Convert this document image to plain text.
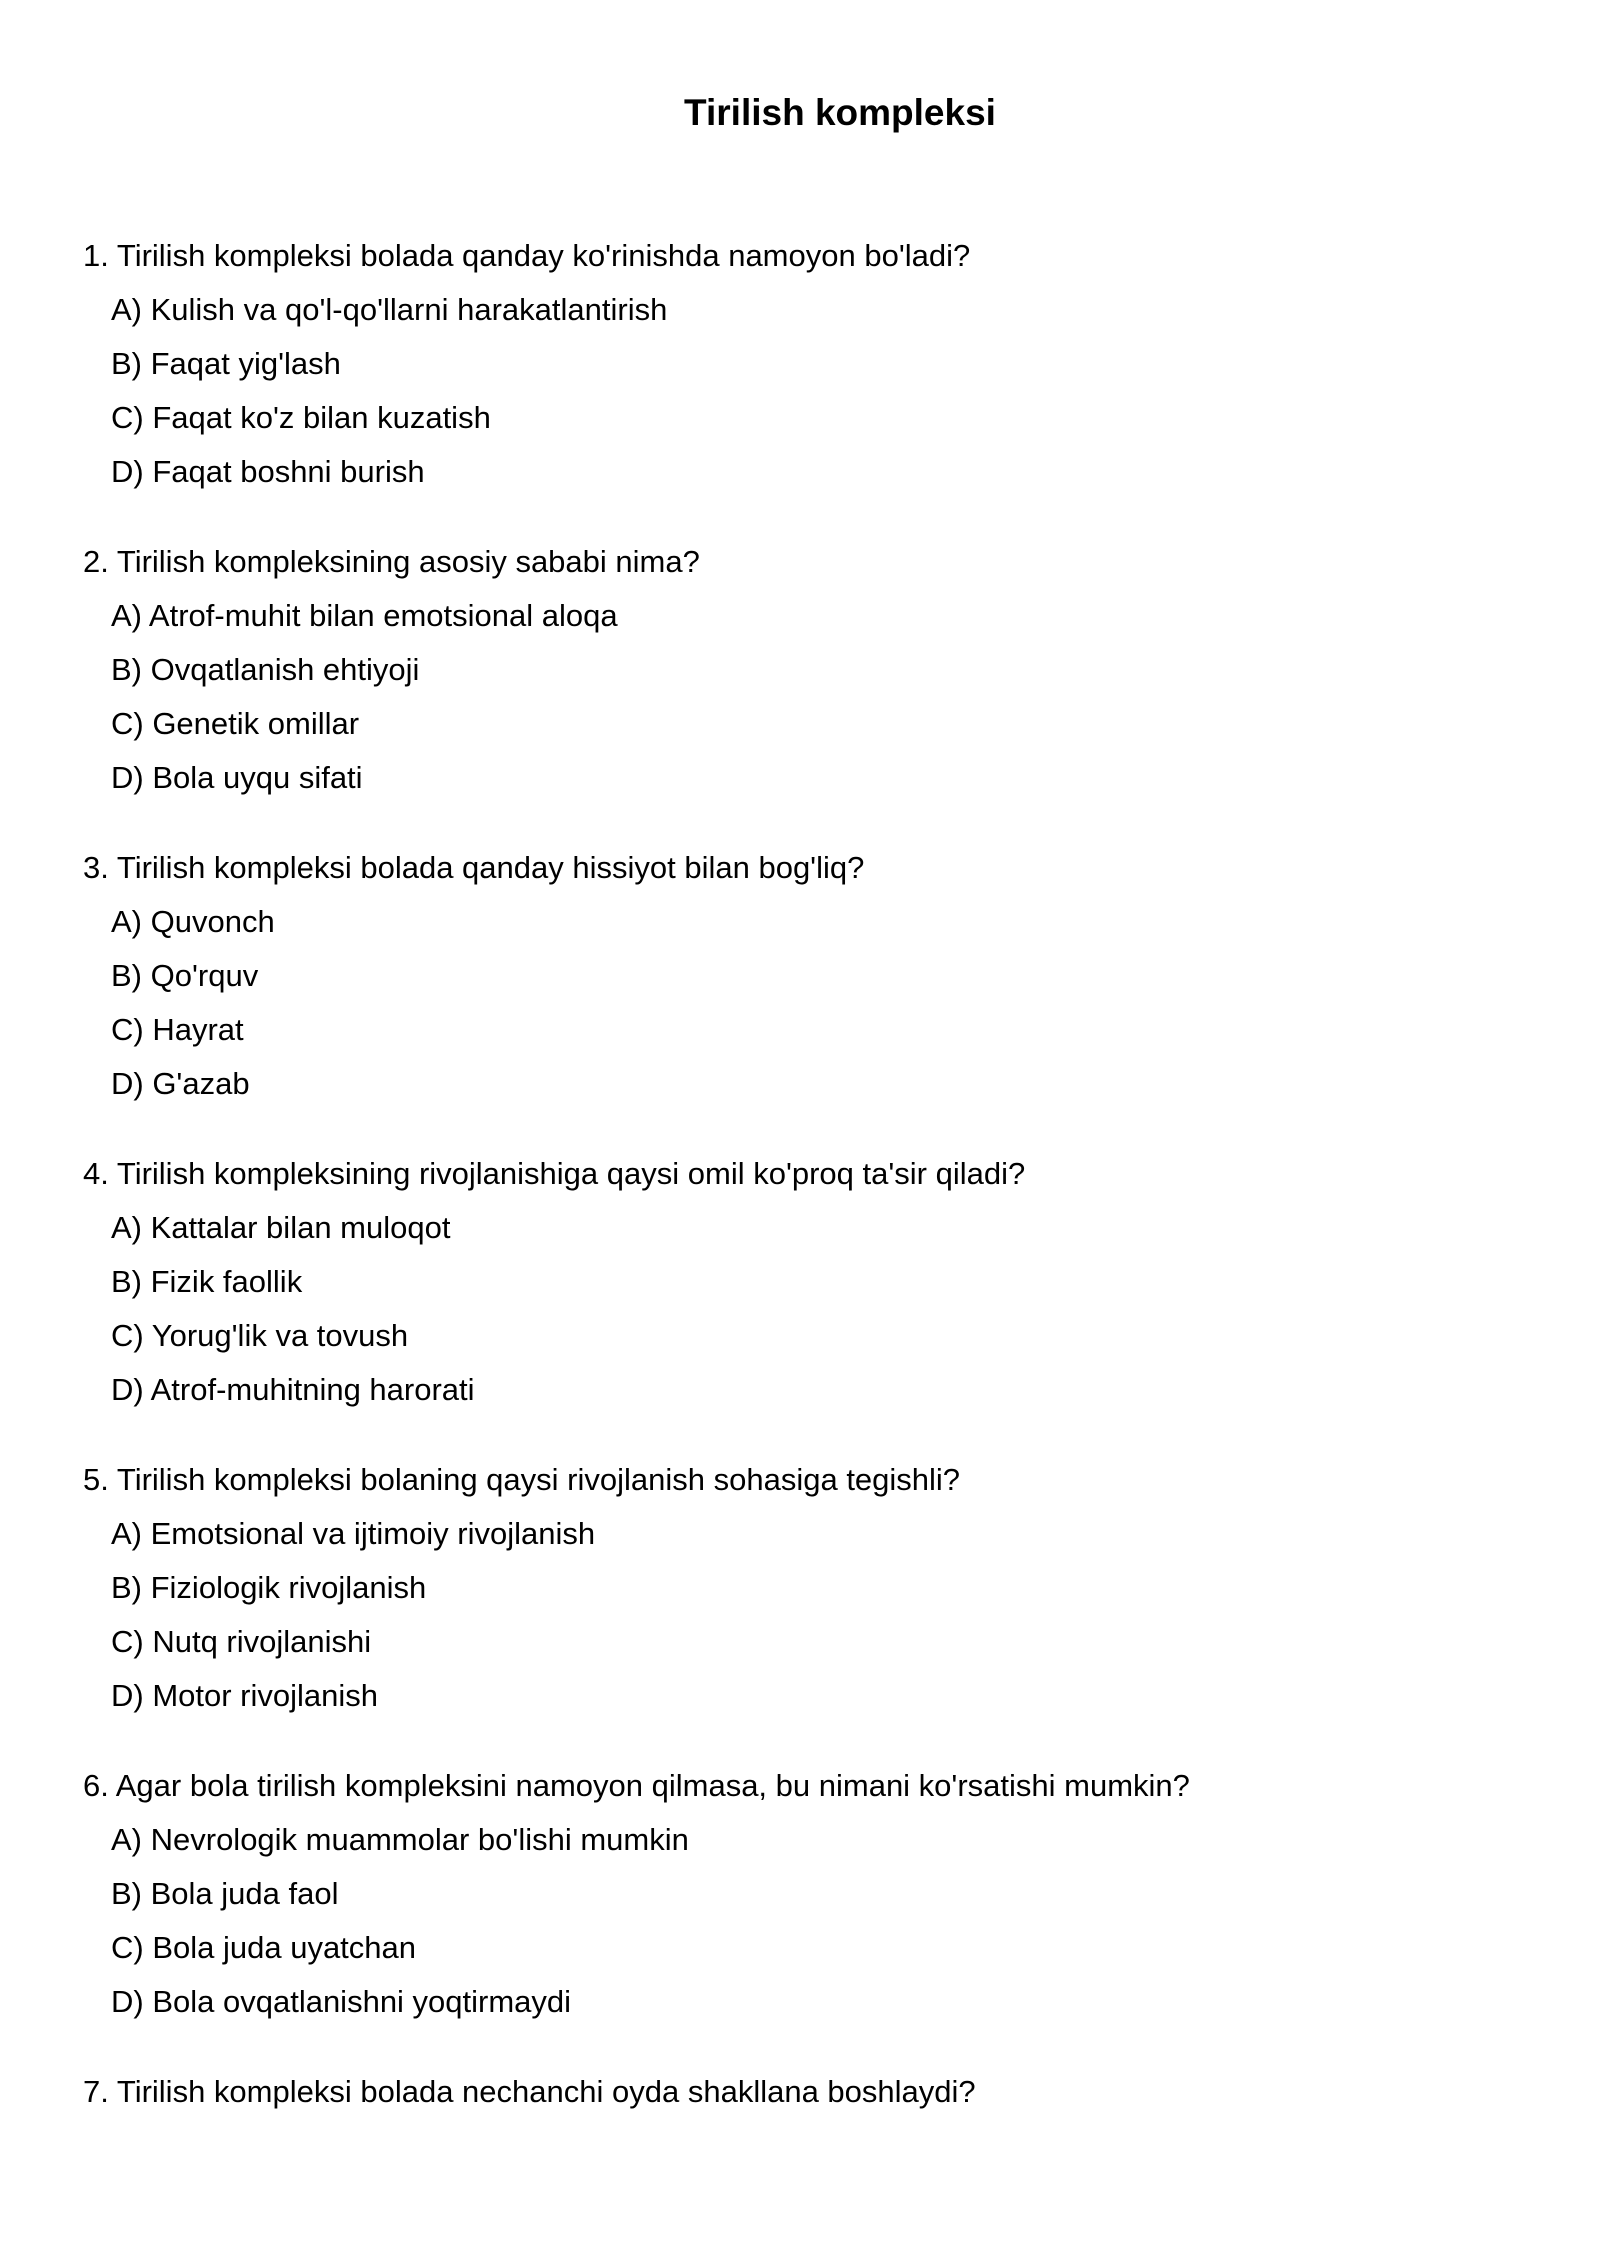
Tirilish kompleksi
1. Tirilish kompleksi bolada qanday ko'rinishda namoyon bo'ladi?
A) Kulish va qo'l-qo'llarni harakatlantirish
B) Faqat yig'lash
C) Faqat ko'z bilan kuzatish
D) Faqat boshni burish
2. Tirilish kompleksining asosiy sababi nima?
A) Atrof-muhit bilan emotsional aloqa
B) Ovqatlanish ehtiyoji
C) Genetik omillar
D) Bola uyqu sifati
3. Tirilish kompleksi bolada qanday hissiyot bilan bog'liq?
A) Quvonch
B) Qo'rquv
C) Hayrat
D) G'azab
4. Tirilish kompleksining rivojlanishiga qaysi omil ko'proq ta'sir qiladi?
A) Kattalar bilan muloqot
B) Fizik faollik
C) Yorug'lik va tovush
D) Atrof-muhitning harorati
5. Tirilish kompleksi bolaning qaysi rivojlanish sohasiga tegishli?
A) Emotsional va ijtimoiy rivojlanish
B) Fiziologik rivojlanish
C) Nutq rivojlanishi
D) Motor rivojlanish
6. Agar bola tirilish kompleksini namoyon qilmasa, bu nimani ko'rsatishi mumkin?
A) Nevrologik muammolar bo'lishi mumkin
B) Bola juda faol
C) Bola juda uyatchan
D) Bola ovqatlanishni yoqtirmaydi
7. Tirilish kompleksi bolada nechanchi oyda shakllana boshlaydi?
